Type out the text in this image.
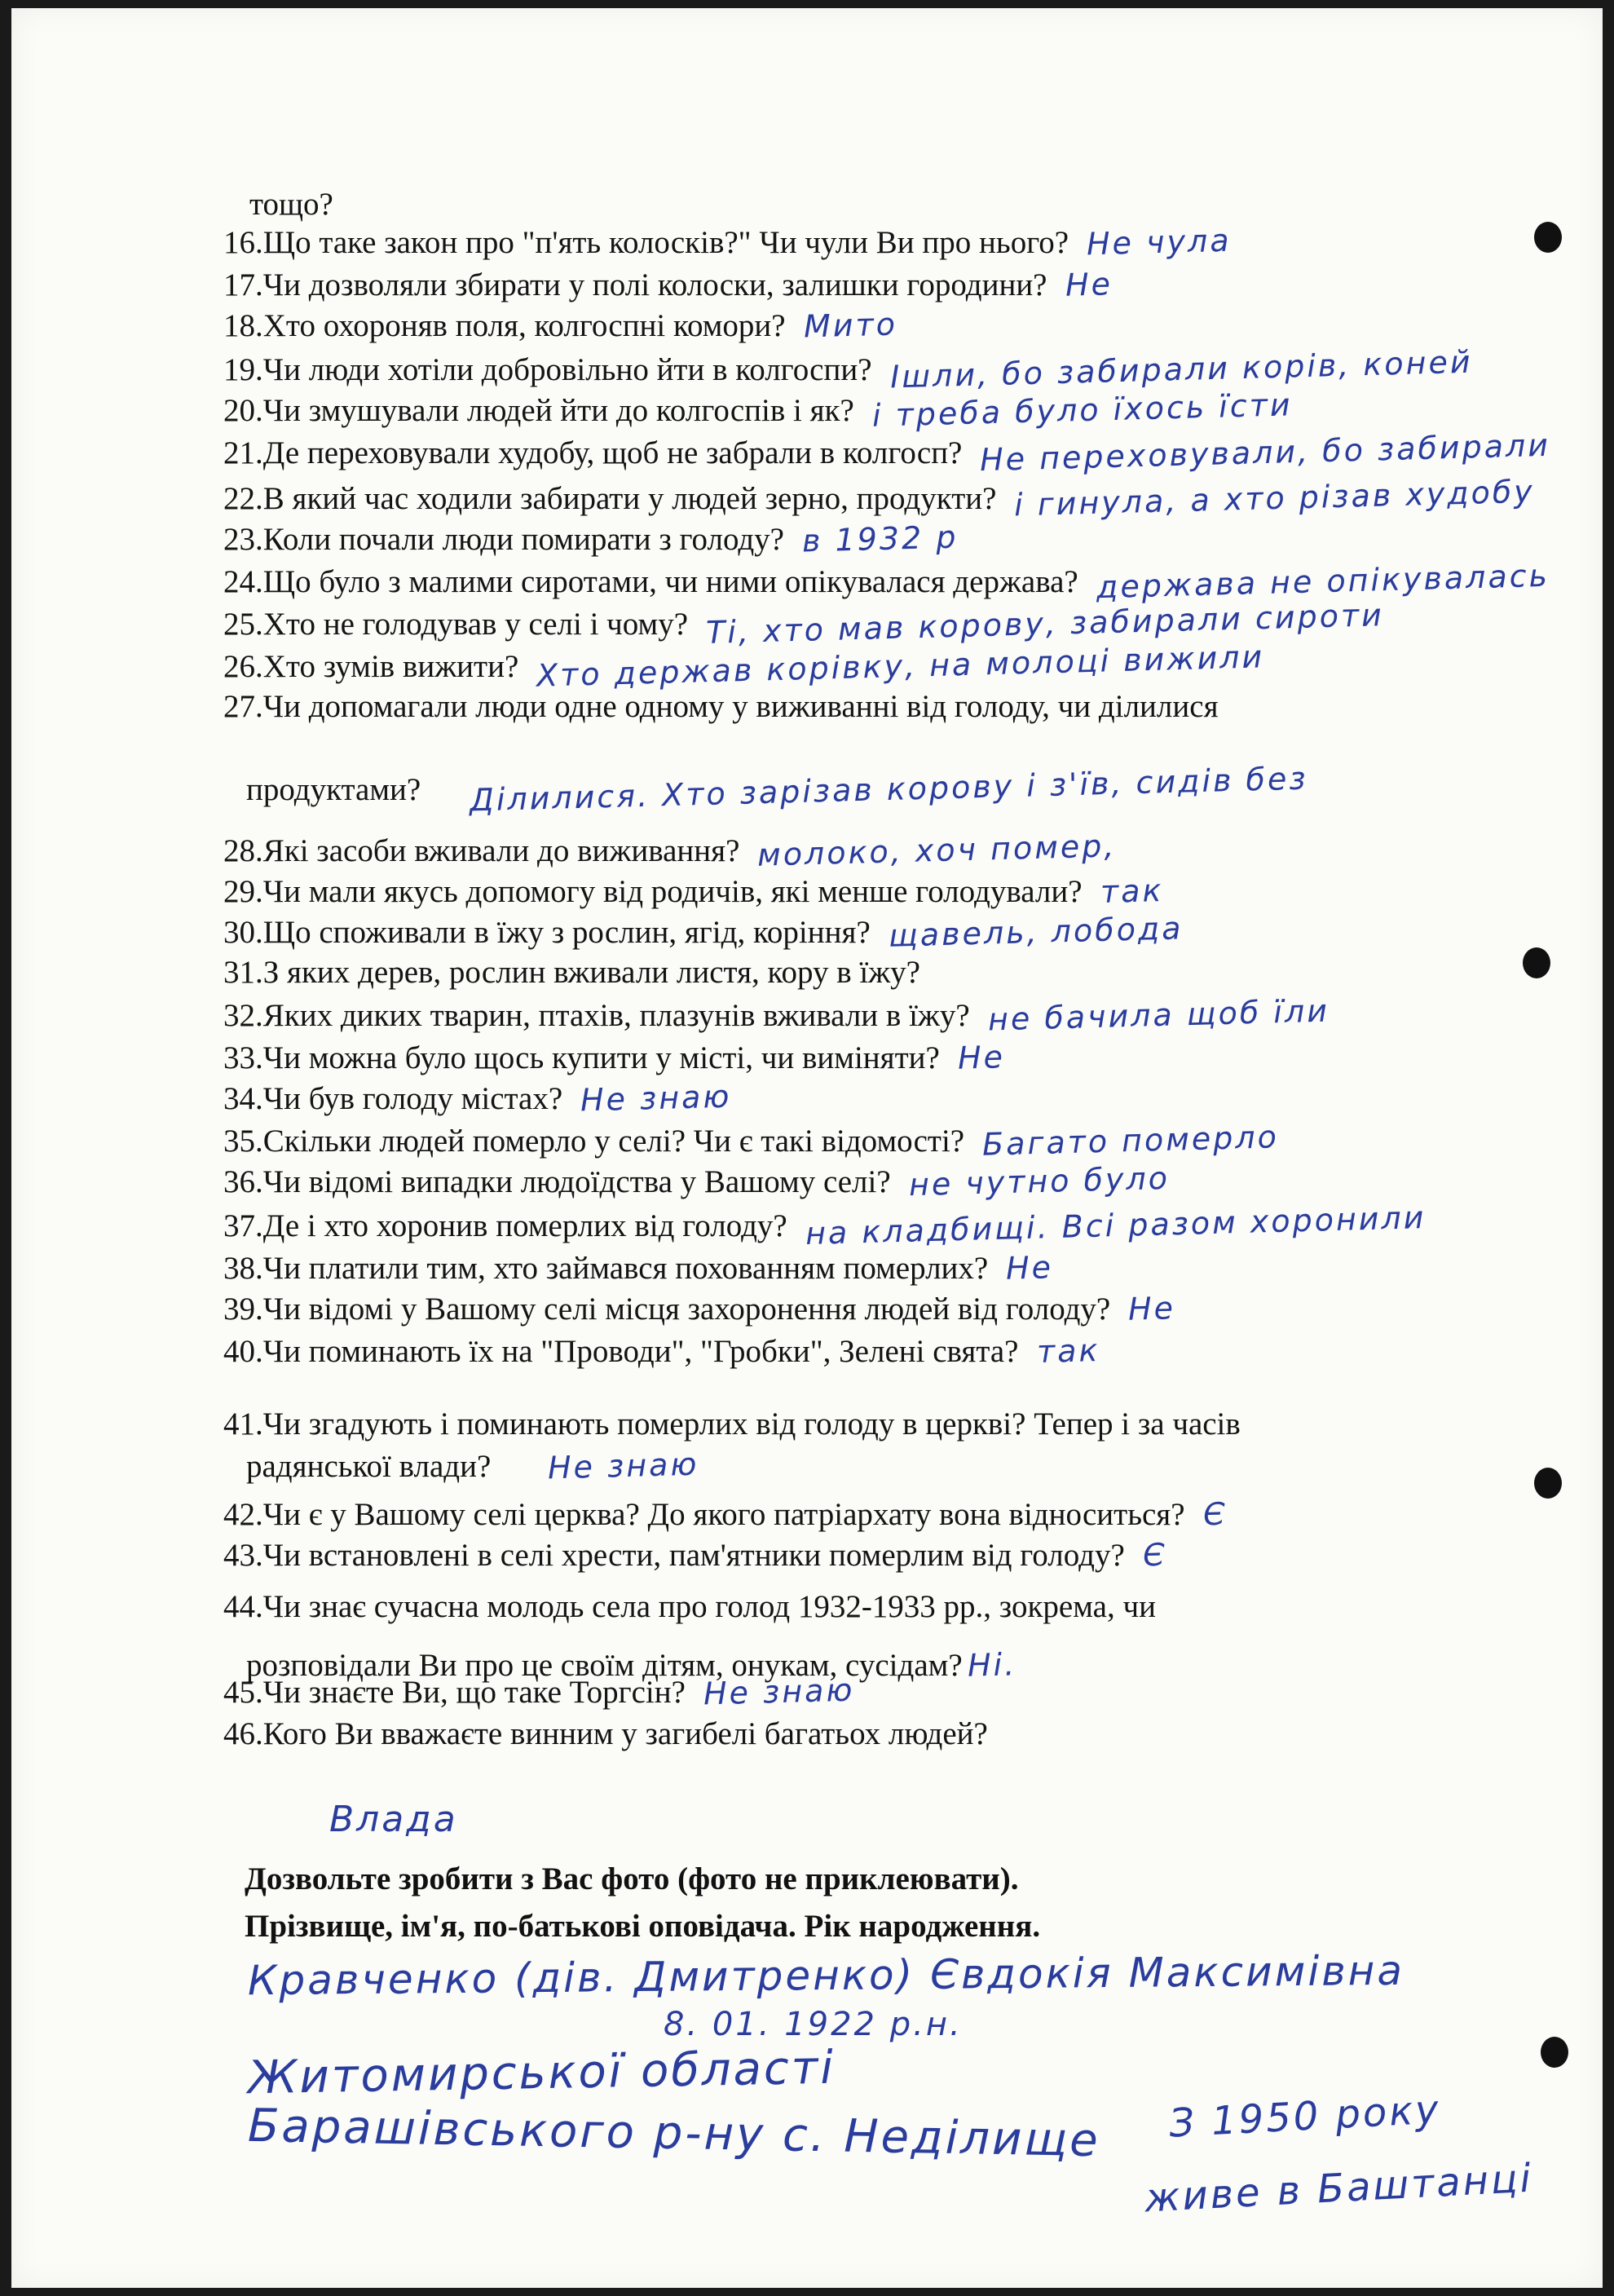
тощо?
16.Що таке закон про "п'ять колосків?" Чи чули Ви про нього? Не чула
17.Чи дозволяли збирати у полі колоски, залишки городини? Не
18.Хто охороняв поля, колгоспні комори? Мито
19.Чи люди хотіли добровільно йти в колгоспи? Ішли, бо забирали корів, коней
20.Чи змушували людей йти до колгоспів і як? і треба було їхось їсти
21.Де переховували худобу, щоб не забрали в колгосп? Не переховували, бо забирали
22.В який час ходили забирати у людей зерно, продукти? і гинула, а хто різав худобу
23.Коли почали люди помирати з голоду? в 1932 р
24.Що було з малими сиротами, чи ними опікувалася держава? держава не опікувалась
25.Хто не голодував у селі і чому? Ті, хто мав корову, забирали сироти
26.Хто зумів вижити? Хто держав корівку, на молоці вижили
27.Чи допомагали люди одне одному у виживанні від голоду, чи ділилися
28.Які засоби вживали до виживання? молоко, хоч помер,
29.Чи мали якусь допомогу від родичів, які менше голодували? так
30.Що споживали в їжу з рослин, ягід, коріння? щавель, лобода
31.З яких дерев, рослин вживали листя, кору в їжу?
32.Яких диких тварин, птахів, плазунів вживали в їжу? не бачила щоб їли
33.Чи можна було щось купити у місті, чи виміняти? Не
34.Чи був голоду містах? Не знаю
35.Скільки людей померло у селі? Чи є такі відомості? Багато померло
36.Чи відомі випадки людоїдства у Вашому селі? не чутно було
37.Де і хто хоронив померлих від голоду? на кладбищі. Всі разом хоронили
38.Чи платили тим, хто займався похованням померлих? Не
39.Чи відомі у Вашому селі місця захоронення людей від голоду? Не
40.Чи поминають їх на "Проводи", "Гробки", Зелені свята? так
41.Чи згадують і поминають померлих від голоду в церкві? Тепер і за часів
42.Чи є у Вашому селі церква? До якого патріархату вона відноситься? Є
43.Чи встановлені в селі хрести, пам'ятники померлим від голоду? Є
44.Чи знає сучасна молодь села про голод 1932-1933 рр., зокрема, чи
45.Чи знаєте Ви, що таке Торгсін? Не знаю
46.Кого Ви вважаєте винним у загибелі багатьох людей?
продуктами? Ділилися. Хто зарізав корову і з'їв, сидів без
радянської влади? Не знаю
розповідали Ви про це своїм дітям, онукам, сусідам? Ні.
Влада
Дозвольте зробити з Вас фото (фото не приклеювати).
Прізвище, ім'я, по-батькові оповідача. Рік народження.
Кравченко (дів. Дмитренко) Євдокія Максимівна
8. 01. 1922 р.н.
Житомирської області
Барашівського р-ну с. Неділище З 1950 року
живе в Баштанці
